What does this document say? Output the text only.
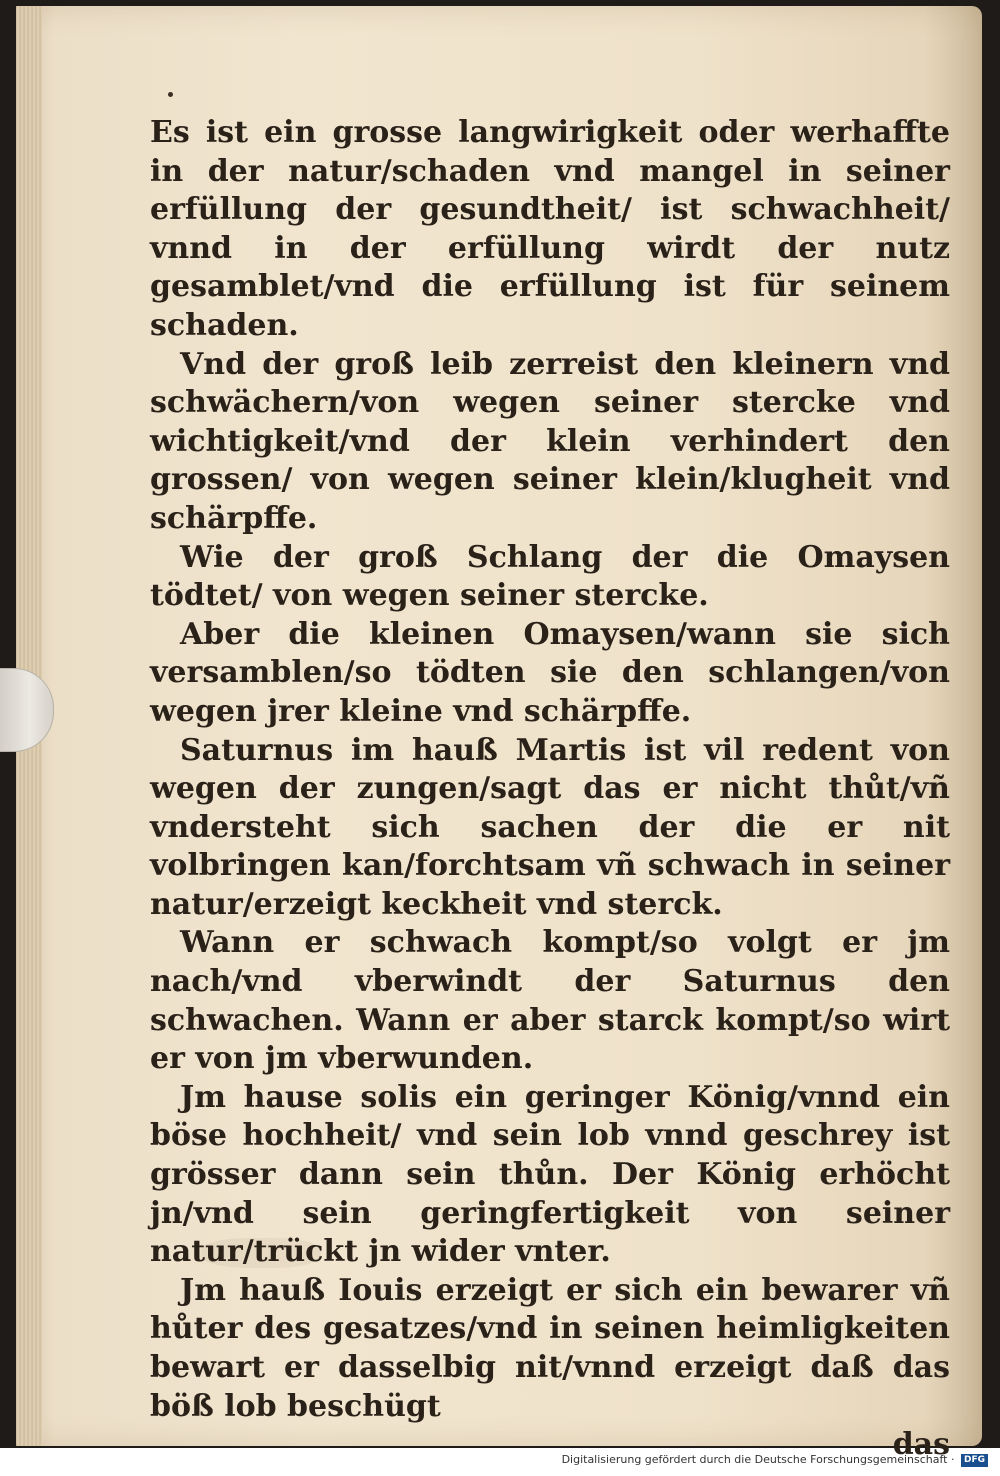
Es ist ein grosse langwirigkeit oder werhaffte in der natur/schaden vnd mangel in seiner erfüllung der gesundtheit/ ist schwachheit/ vnnd in der erfüllung wirdt der nutz gesamblet/vnd die erfüllung ist für seinem schaden.

Vnd der groß leib zerreist den kleinern vnd schwächern/von wegen seiner stercke vnd wichtigkeit/vnd der klein verhindert den grossen/ von wegen seiner klein/klugheit vnd schärpffe.

Wie der groß Schlang der die Omaysen tödtet/ von wegen seiner stercke.

Aber die kleinen Omaysen/wann sie sich versamblen/so tödten sie den schlangen/von wegen jrer kleine vnd schärpffe.

Saturnus im hauß Martis ist vil redent von wegen der zungen/sagt das er nicht thůt/vñ vndersteht sich sachen der die er nit volbringen kan/forchtsam vñ schwach in seiner natur/erzeigt keckheit vnd sterck.

Wann er schwach kompt/so volgt er jm nach/vnd vberwindt der Saturnus den schwachen. Wann er aber starck kompt/so wirt er von jm vberwunden.

Jm hause solis ein geringer König/vnnd ein böse hochheit/ vnd sein lob vnnd geschrey ist grösser dann sein thůn. Der König erhöcht jn/vnd sein geringfertigkeit von seiner natur/trückt jn wider vnter.

Jm hauß Iouis erzeigt er sich ein bewarer vñ hůter des gesatzes/vnd in seinen heimligkeiten bewart er dasselbig nit/vnnd erzeigt daß das böß lob beschügt

das

Digitalisierung gefördert durch die Deutsche Forschungsgemeinschaft · DFG
